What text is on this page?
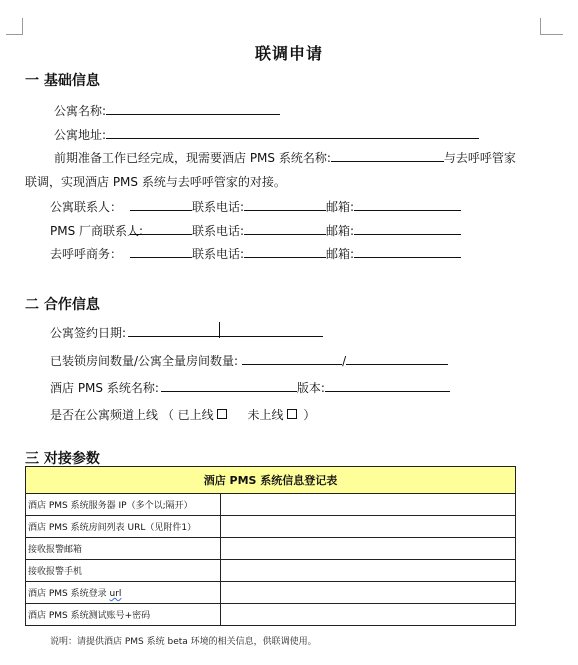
联调申请
一 基础信息
公寓名称:
公寓地址:
前期准备工作已经完成，现需要酒店 PMS 系统名称:	与去呼呼管家
联调，实现酒店 PMS 系统与去呼呼管家的对接。
公寓联系人：	联系电话:	邮箱:
PMS 厂商联系人:	联系电话:	邮箱:
去呼呼商务：	联系电话:	邮箱:
二 合作信息
公寓签约日期:
已装锁房间数量/公寓全量房间数量:	/
酒店 PMS 系统名称:	版本:
是否在公寓频道上线 （ 已上线	未上线 ）
三 对接参数
酒店 PMS 系统信息登记表	
酒店 PMS 系统服务器 IP（多个以;隔开）	
酒店 PMS 系统房间列表 URL（见附件1）	
接收报警邮箱	
接收报警手机	
酒店 PMS 系统登录 url	
酒店 PMS 系统测试账号+密码	
说明：请提供酒店 PMS 系统 beta 环境的相关信息，供联调使用。
